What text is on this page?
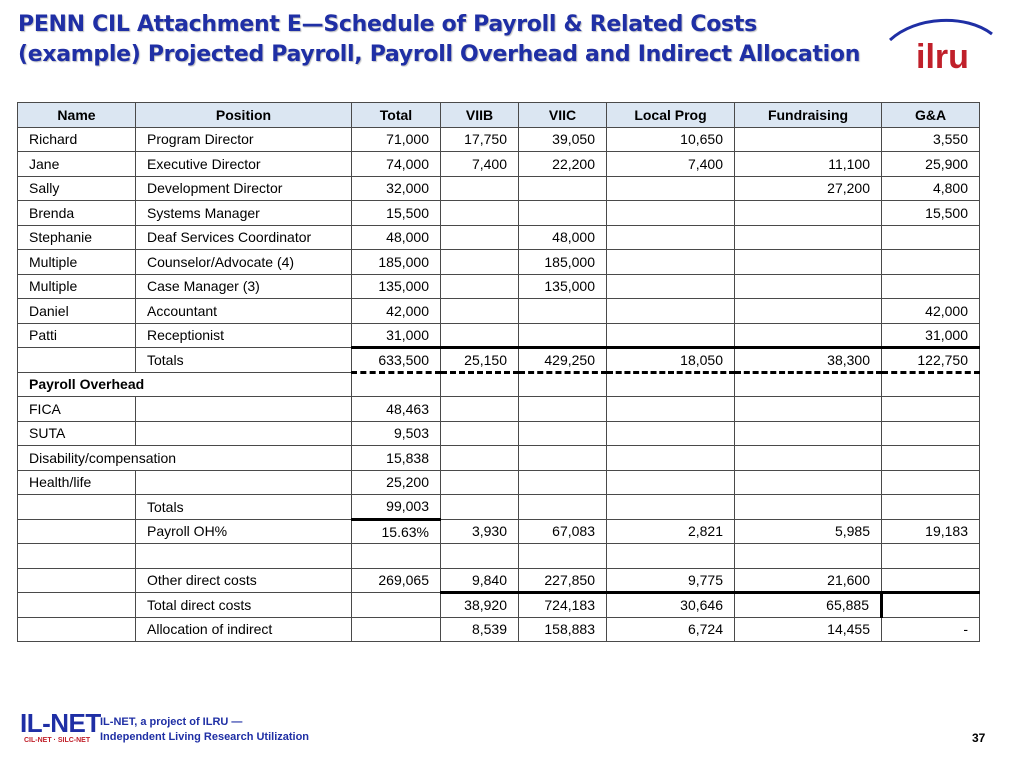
PENN CIL Attachment E—Schedule of Payroll & Related Costs
(example) Projected Payroll, Payroll Overhead and Indirect Allocation	ilru
Name	Position	Total	VIIB	VIIC	Local Prog	Fundraising	G&A
Richard	Program Director	71,000	17,750	39,050	10,650		3,550
Jane	Executive Director	74,000	7,400	22,200	7,400	11,100	25,900
Sally	Development Director	32,000				27,200	4,800
Brenda	Systems Manager	15,500					15,500
Stephanie	Deaf Services Coordinator	48,000		48,000			
Multiple	Counselor/Advocate (4)	185,000		185,000			
Multiple	Case Manager (3)	135,000		135,000			
Daniel	Accountant	42,000					42,000
Patti	Receptionist	31,000					31,000
	Totals	633,500	25,150	429,250	18,050	38,300	122,750
Payroll Overhead							
FICA		48,463					
SUTA		9,503					
Disability/compensation		15,838					
Health/life		25,200					
	Totals	99,003					
	Payroll OH%	15.63%	3,930	67,083	2,821	5,985	19,183

	Other direct costs	269,065	9,840	227,850	9,775	21,600	
	Total direct costs		38,920	724,183	30,646	65,885	
	Allocation of indirect		8,539	158,883	6,724	14,455	-
IL-NET
CIL-NET · SILC-NET
IL-NET, a project of ILRU —
Independent Living Research Utilization	37
